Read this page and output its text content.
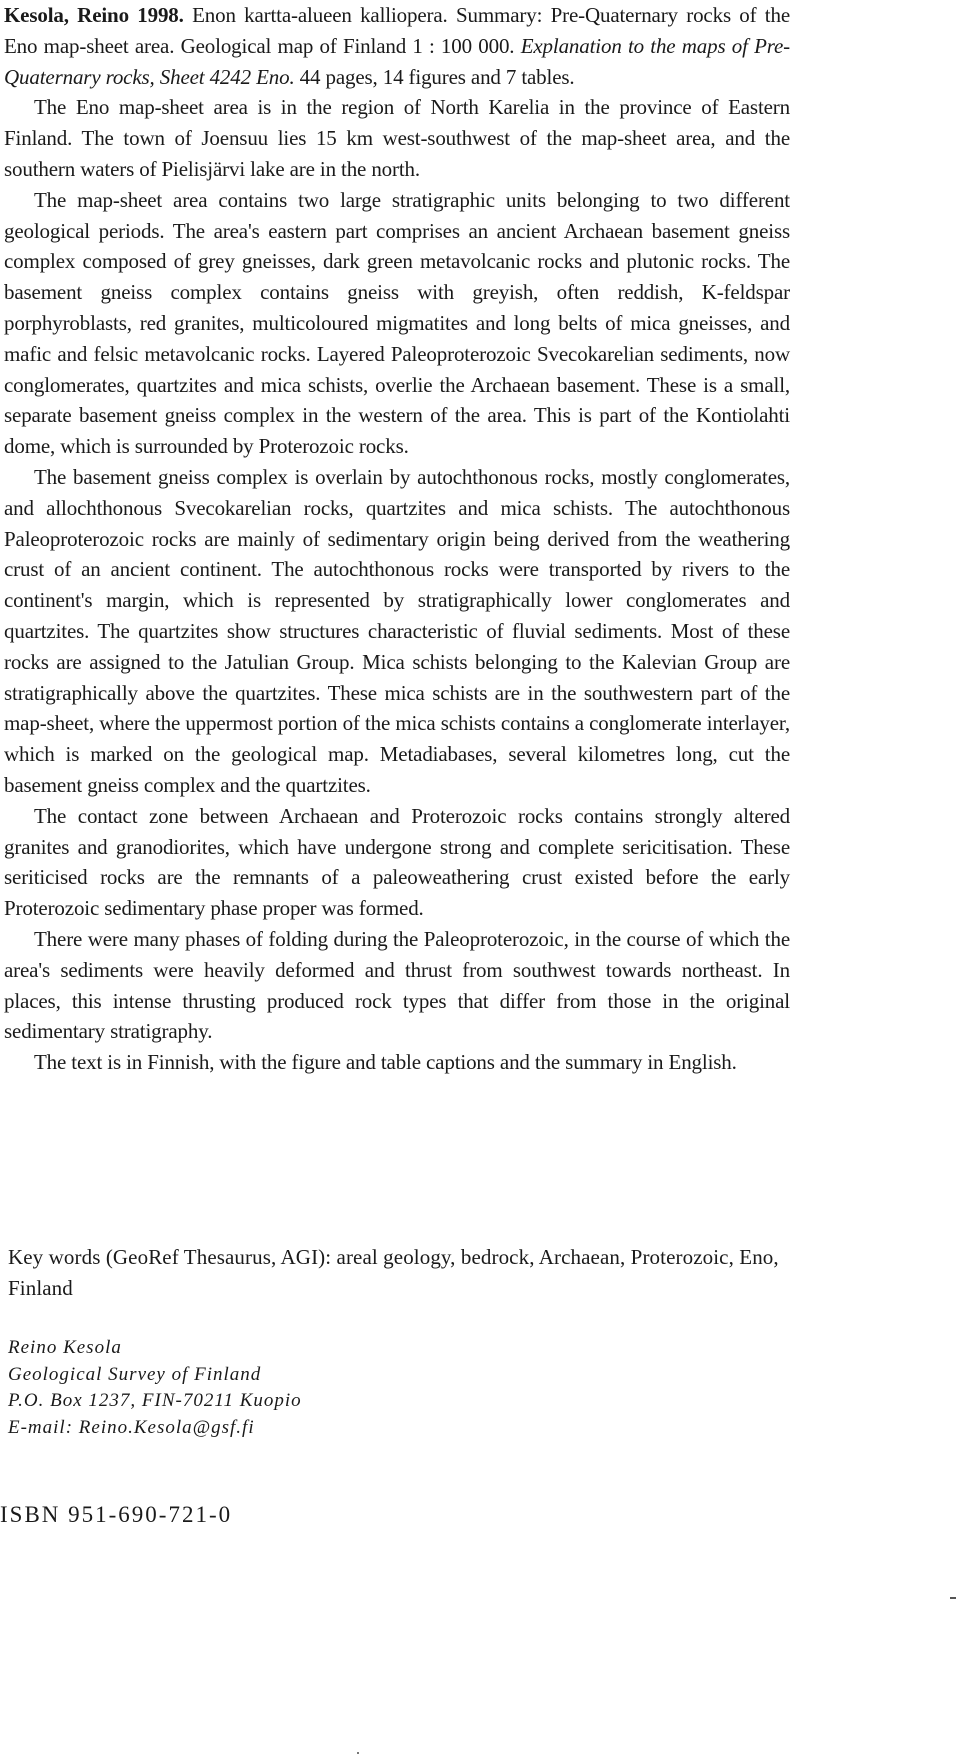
Kesola, Reino 1998. Enon kartta-alueen kalliopera. Summary: Pre-Quaternary rocks of the Eno map-sheet area. Geological map of Finland 1 : 100 000. Explanation to the maps of Pre-Quaternary rocks, Sheet 4242 Eno. 44 pages, 14 figures and 7 tables.

The Eno map-sheet area is in the region of North Karelia in the province of Eastern Finland. The town of Joensuu lies 15 km west-southwest of the map-sheet area, and the southern waters of Pielisjärvi lake are in the north.

The map-sheet area contains two large stratigraphic units belonging to two different geological periods. The area's eastern part comprises an ancient Archaean basement gneiss complex composed of grey gneisses, dark green metavolcanic rocks and plutonic rocks. The basement gneiss complex contains gneiss with greyish, often reddish, K-feldspar porphyroblasts, red granites, multicoloured migmatites and long belts of mica gneisses, and mafic and felsic metavolcanic rocks. Layered Paleoproterozoic Svecokarelian sediments, now conglomerates, quartzites and mica schists, overlie the Archaean basement. These is a small, separate basement gneiss complex in the western of the area. This is part of the Kontiolahti dome, which is surrounded by Proterozoic rocks.

The basement gneiss complex is overlain by autochthonous rocks, mostly conglomerates, and allochthonous Svecokarelian rocks, quartzites and mica schists. The autochthonous Paleoproterozoic rocks are mainly of sedimentary origin being derived from the weathering crust of an ancient continent. The autochthonous rocks were transported by rivers to the continent's margin, which is represented by stratigraphically lower conglomerates and quartzites. The quartzites show structures characteristic of fluvial sediments. Most of these rocks are assigned to the Jatulian Group. Mica schists belonging to the Kalevian Group are stratigraphically above the quartzites. These mica schists are in the southwestern part of the map-sheet, where the uppermost portion of the mica schists contains a conglomerate interlayer, which is marked on the geological map. Metadiabases, several kilometres long, cut the basement gneiss complex and the quartzites.

The contact zone between Archaean and Proterozoic rocks contains strongly altered granites and granodiorites, which have undergone strong and complete sericitisation. These seriticised rocks are the remnants of a paleoweathering crust existed before the early Proterozoic sedimentary phase proper was formed.

There were many phases of folding during the Paleoproterozoic, in the course of which the area's sediments were heavily deformed and thrust from southwest towards northeast. In places, this intense thrusting produced rock types that differ from those in the original sedimentary stratigraphy.

The text is in Finnish, with the figure and table captions and the summary in English.

Key words (GeoRef Thesaurus, AGI): areal geology, bedrock, Archaean, Proterozoic, Eno, Finland
Reino Kesola
Geological Survey of Finland
P.O. Box 1237, FIN-70211 Kuopio
E-mail: Reino.Kesola@gsf.fi
ISBN 951-690-721-0
